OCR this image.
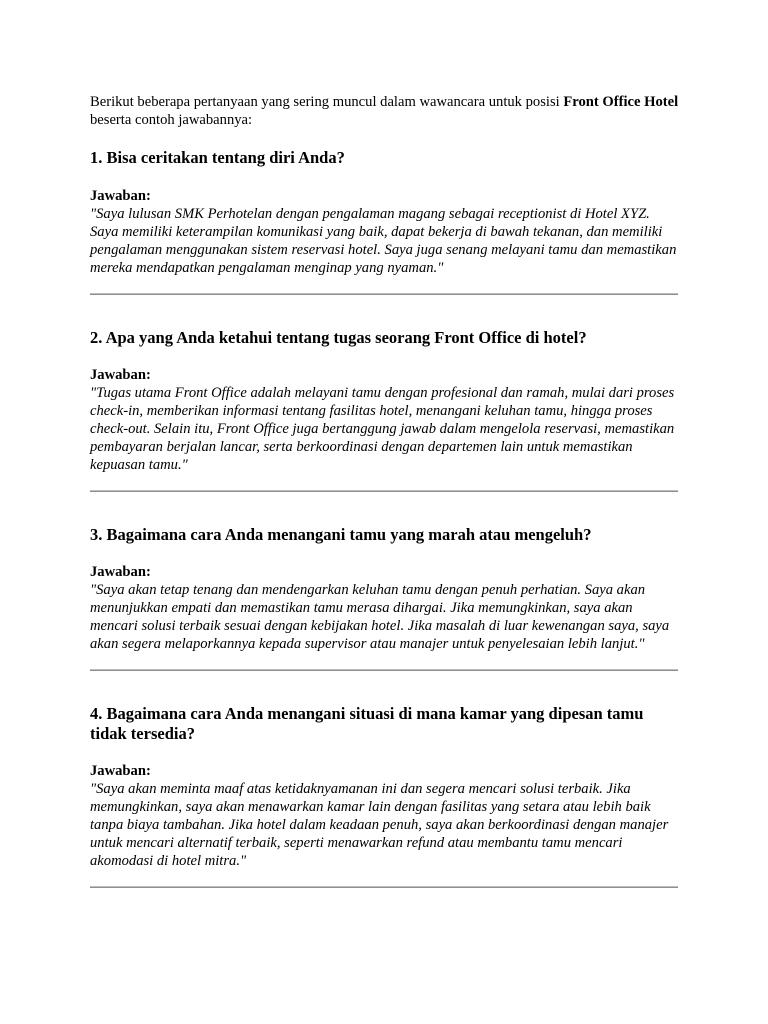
Berikut beberapa pertanyaan yang sering muncul dalam wawancara untuk posisi Front Office Hotel beserta contoh jawabannya:

1. Bisa ceritakan tentang diri Anda?

Jawaban:

"Saya lulusan SMK Perhotelan dengan pengalaman magang sebagai receptionist di Hotel XYZ. Saya memiliki keterampilan komunikasi yang baik, dapat bekerja di bawah tekanan, dan memiliki pengalaman menggunakan sistem reservasi hotel. Saya juga senang melayani tamu dan memastikan mereka mendapatkan pengalaman menginap yang nyaman."

2. Apa yang Anda ketahui tentang tugas seorang Front Office di hotel?

Jawaban:

"Tugas utama Front Office adalah melayani tamu dengan profesional dan ramah, mulai dari proses check-in, memberikan informasi tentang fasilitas hotel, menangani keluhan tamu, hingga proses check-out. Selain itu, Front Office juga bertanggung jawab dalam mengelola reservasi, memastikan pembayaran berjalan lancar, serta berkoordinasi dengan departemen lain untuk memastikan kepuasan tamu."

3. Bagaimana cara Anda menangani tamu yang marah atau mengeluh?

Jawaban:

"Saya akan tetap tenang dan mendengarkan keluhan tamu dengan penuh perhatian. Saya akan menunjukkan empati dan memastikan tamu merasa dihargai. Jika memungkinkan, saya akan mencari solusi terbaik sesuai dengan kebijakan hotel. Jika masalah di luar kewenangan saya, saya akan segera melaporkannya kepada supervisor atau manajer untuk penyelesaian lebih lanjut."

4. Bagaimana cara Anda menangani situasi di mana kamar yang dipesan tamu tidak tersedia?

Jawaban:

"Saya akan meminta maaf atas ketidaknyamanan ini dan segera mencari solusi terbaik. Jika memungkinkan, saya akan menawarkan kamar lain dengan fasilitas yang setara atau lebih baik tanpa biaya tambahan. Jika hotel dalam keadaan penuh, saya akan berkoordinasi dengan manajer untuk mencari alternatif terbaik, seperti menawarkan refund atau membantu tamu mencari akomodasi di hotel mitra."
